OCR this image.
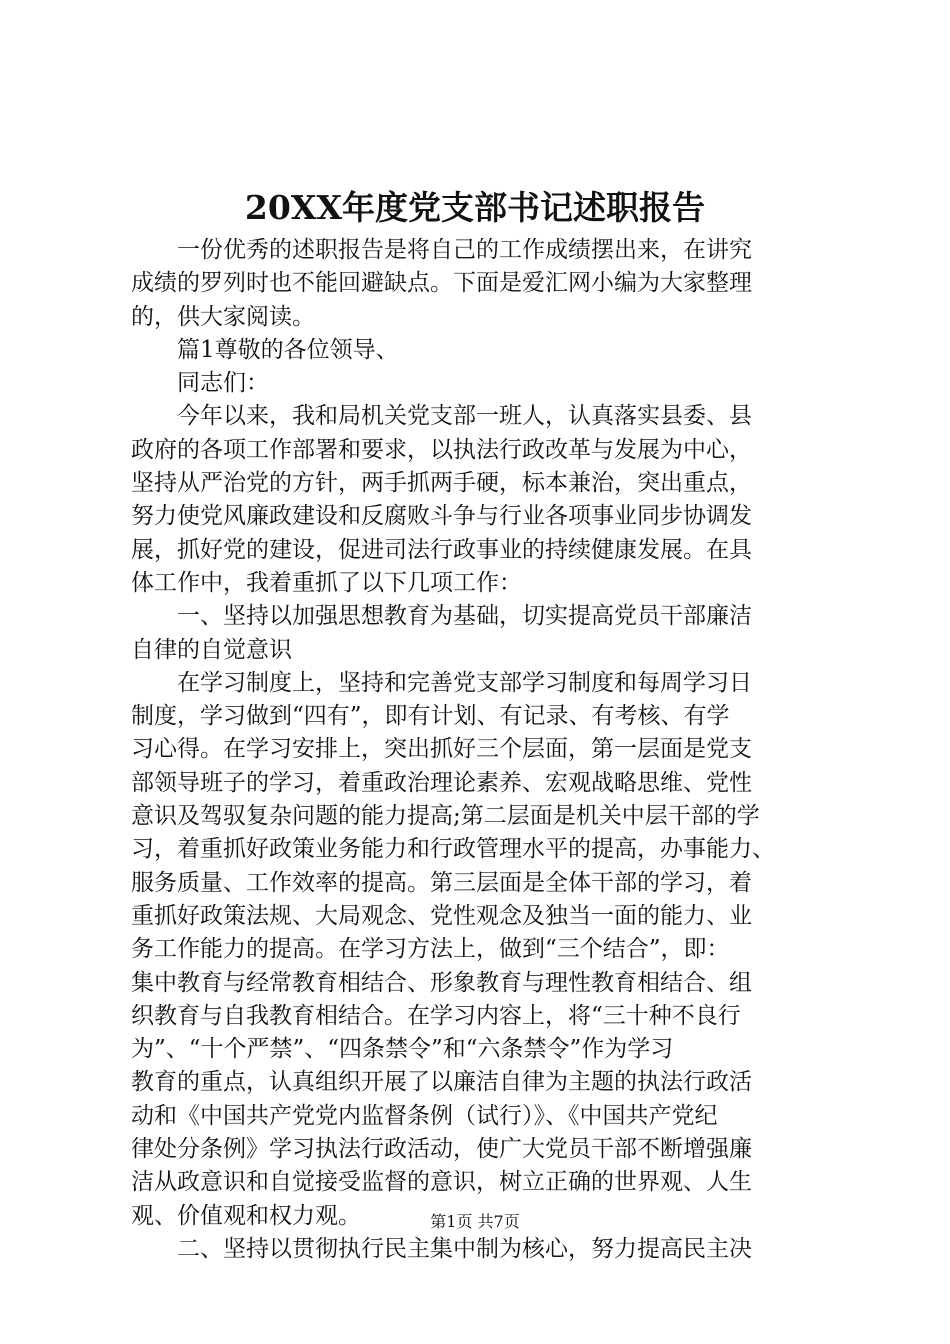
20XX年度党支部书记述职报告
一份优秀的述职报告是将自己的工作成绩摆出来，在讲究
成绩的罗列时也不能回避缺点。下面是爱汇网小编为大家整理
的，供大家阅读。
篇1尊敬的各位领导、
同志们：
今年以来，我和局机关党支部一班人，认真落实县委、县
政府的各项工作部署和要求，以执法行政改革与发展为中心，
坚持从严治党的方针，两手抓两手硬，标本兼治，突出重点，
努力使党风廉政建设和反腐败斗争与行业各项事业同步协调发
展，抓好党的建设，促进司法行政事业的持续健康发展。在具
体工作中，我着重抓了以下几项工作：
一、坚持以加强思想教育为基础，切实提高党员干部廉洁
自律的自觉意识
在学习制度上，坚持和完善党支部学习制度和每周学习日
制度，学习做到“四有”，即有计划、有记录、有考核、有学
习心得。在学习安排上，突出抓好三个层面，第一层面是党支
部领导班子的学习，着重政治理论素养、宏观战略思维、党性
意识及驾驭复杂问题的能力提高;第二层面是机关中层干部的学
习，着重抓好政策业务能力和行政管理水平的提高，办事能力、
服务质量、工作效率的提高。第三层面是全体干部的学习，着
重抓好政策法规、大局观念、党性观念及独当一面的能力、业
务工作能力的提高。在学习方法上，做到“三个结合”，即：
集中教育与经常教育相结合、形象教育与理性教育相结合、组
织教育与自我教育相结合。在学习内容上，将“三十种不良行
为”、“十个严禁”、“四条禁令”和“六条禁令”作为学习
教育的重点，认真组织开展了以廉洁自律为主题的执法行政活
动和《中国共产党党内监督条例（试行）》、《中国共产党纪
律处分条例》学习执法行政活动，使广大党员干部不断增强廉
洁从政意识和自觉接受监督的意识，树立正确的世界观、人生
观、价值观和权力观。
二、坚持以贯彻执行民主集中制为核心，努力提高民主决
第1页 共7页
